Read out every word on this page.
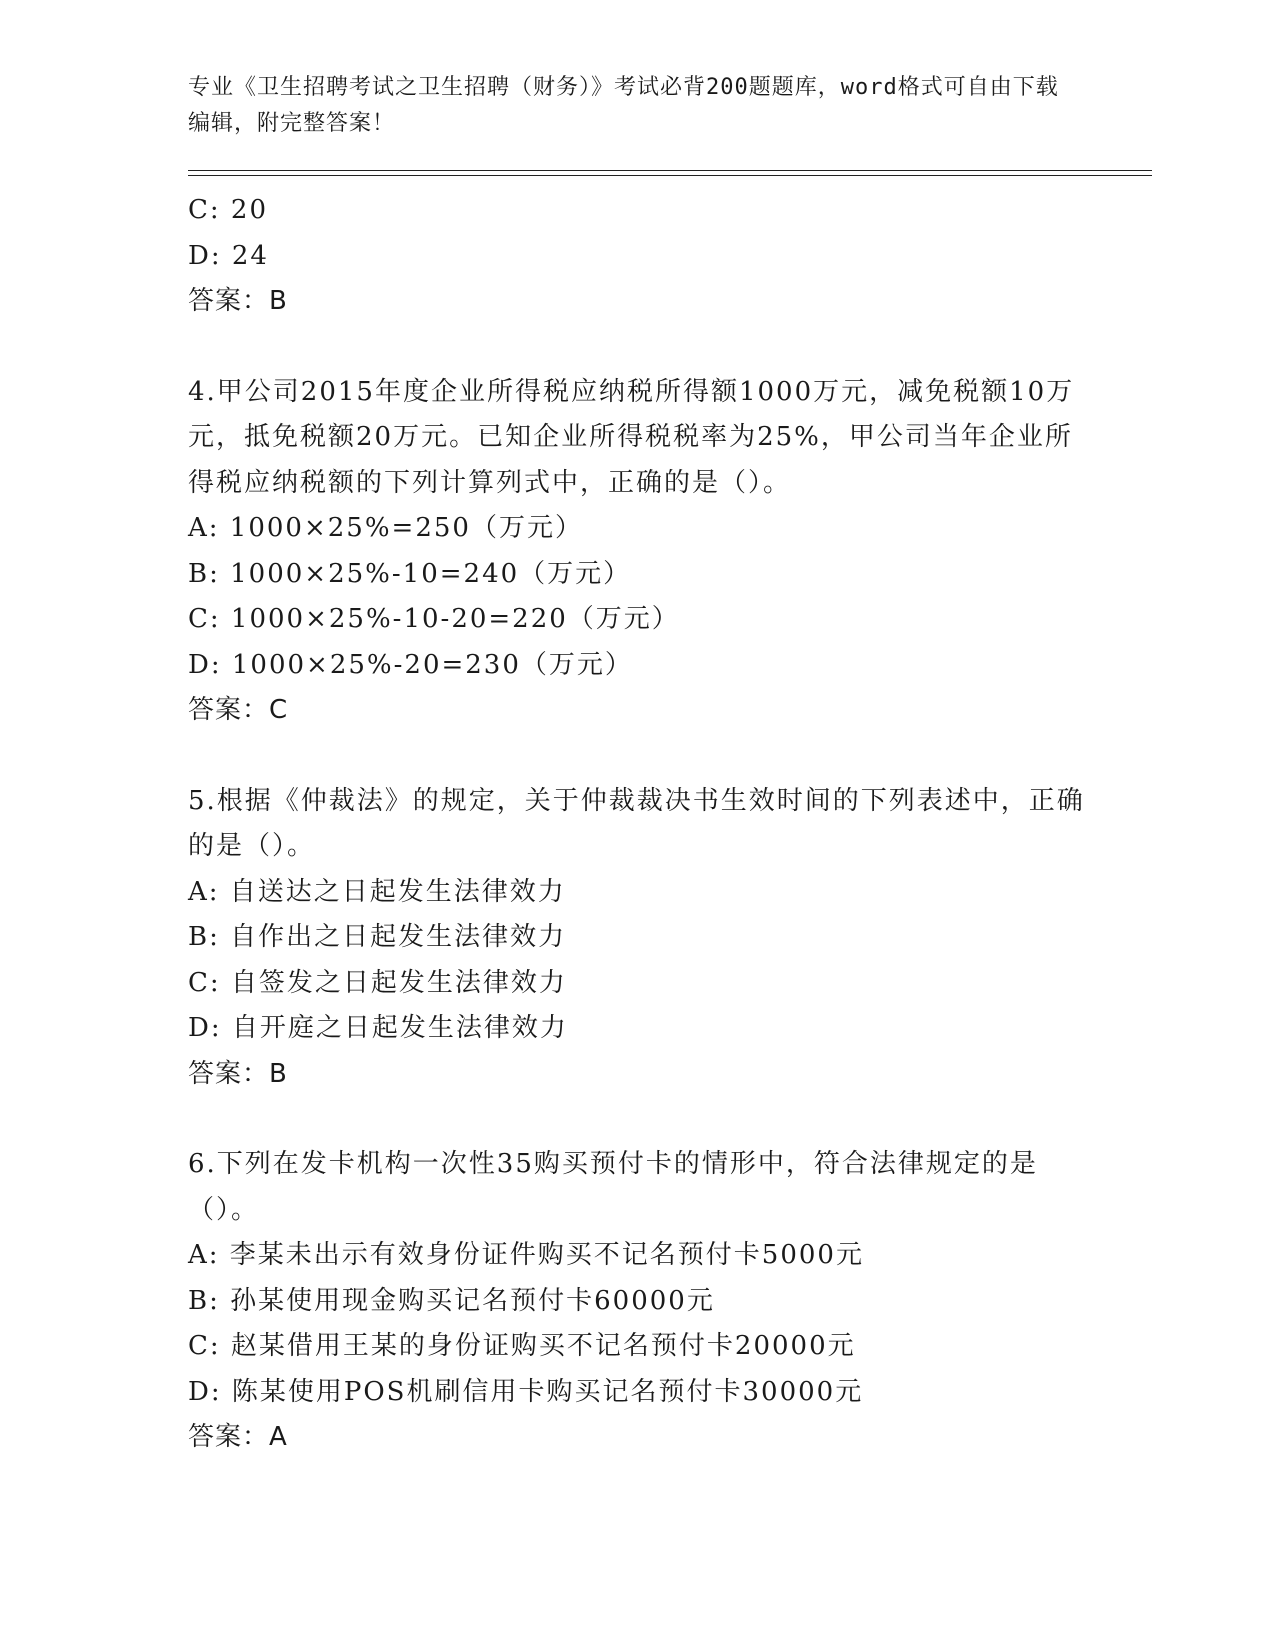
专业《卫生招聘考试之卫生招聘（财务）》考试必背200题题库，word格式可自由下载编辑，附完整答案！
C: 20
D: 24
答案：B
4.甲公司2015年度企业所得税应纳税所得额1000万元，减免税额10万元，抵免税额20万元。已知企业所得税税率为25%，甲公司当年企业所得税应纳税额的下列计算列式中，正确的是（）。
A: 1000×25%=250（万元）
B: 1000×25%-10=240（万元）
C: 1000×25%-10-20=220（万元）
D: 1000×25%-20=230（万元）
答案：C
5.根据《仲裁法》的规定，关于仲裁裁决书生效时间的下列表述中，正确的是（）。
A: 自送达之日起发生法律效力
B: 自作出之日起发生法律效力
C: 自签发之日起发生法律效力
D: 自开庭之日起发生法律效力
答案：B
6.下列在发卡机构一次性35购买预付卡的情形中，符合法律规定的是（）。
A: 李某未出示有效身份证件购买不记名预付卡5000元
B: 孙某使用现金购买记名预付卡60000元
C: 赵某借用王某的身份证购买不记名预付卡20000元
D: 陈某使用POS机刷信用卡购买记名预付卡30000元
答案：A
